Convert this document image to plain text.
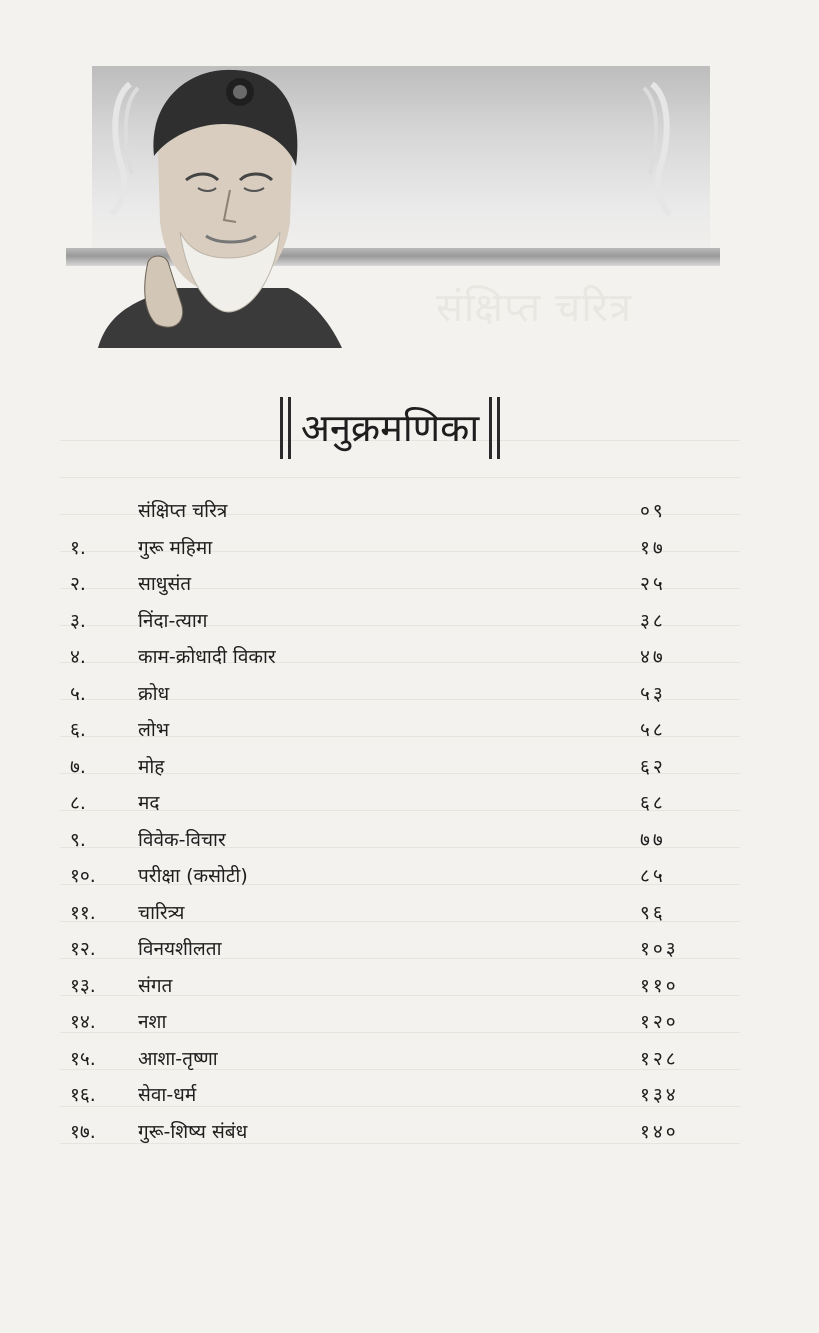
संक्षिप्त चरित्र
अनुक्रमणिका
संक्षिप्त चरित्र	०९
१.	गुरू महिमा	१७
२.	साधुसंत	२५
३.	निंदा-त्याग	३८
४.	काम-क्रोधादी विकार	४७
५.	क्रोध	५३
६.	लोभ	५८
७.	मोह	६२
८.	मद	६८
९.	विवेक-विचार	७७
१०.	परीक्षा (कसोटी)	८५
११.	चारित्र्य	९६
१२.	विनयशीलता	१०३
१३.	संगत	११०
१४.	नशा	१२०
१५.	आशा-तृष्णा	१२८
१६.	सेवा-धर्म	१३४
१७.	गुरू-शिष्य संबंध	१४०
